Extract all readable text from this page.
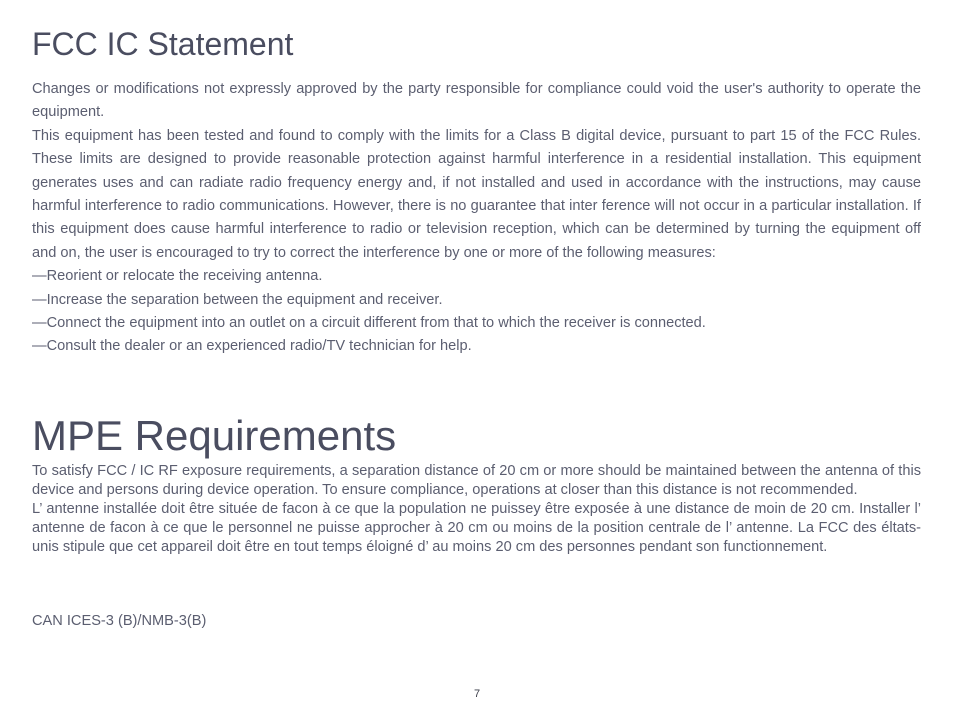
FCC IC Statement

Changes or modifications not expressly approved by the party responsible for compliance could void the user's authority to operate the equipment.

This equipment has been tested and found to comply with the limits for a Class B digital device, pursuant to part 15 of the FCC Rules. These limits are designed to provide reasonable protection against harmful interference in a residential installation. This equipment generates uses and can radiate radio frequency energy and, if not installed and used in accordance with the instructions, may cause harmful interference to radio communications. However, there is no guarantee that inter ference will not occur in a particular installation. If this equipment does cause harmful interference to radio or television reception, which can be determined by turning the equipment off and on, the user is encouraged to try to correct the interference by one or more of the following measures:

—Reorient or relocate the receiving antenna.
—Increase the separation between the equipment and receiver.
—Connect the equipment into an outlet on a circuit different from that to which the receiver is connected.
—Consult the dealer or an experienced radio/TV technician for help.
MPE Requirements

To satisfy FCC / IC RF exposure requirements, a separation distance of 20 cm or more should be maintained between the antenna of this device and persons during device operation. To ensure compliance, operations at closer than this distance is not recommended.

L’ antenne installée doit être située de facon à ce que la population ne puissey être exposée à une distance de moin de 20 cm. Installer l’ antenne de facon à ce que le personnel ne puisse approcher à 20 cm ou moins de la position centrale de l’ antenne. La FCC des éltats-unis stipule que cet appareil doit être en tout temps éloigné d’ au moins 20 cm des personnes pendant son functionnement.

CAN ICES-3 (B)/NMB-3(B)

7
